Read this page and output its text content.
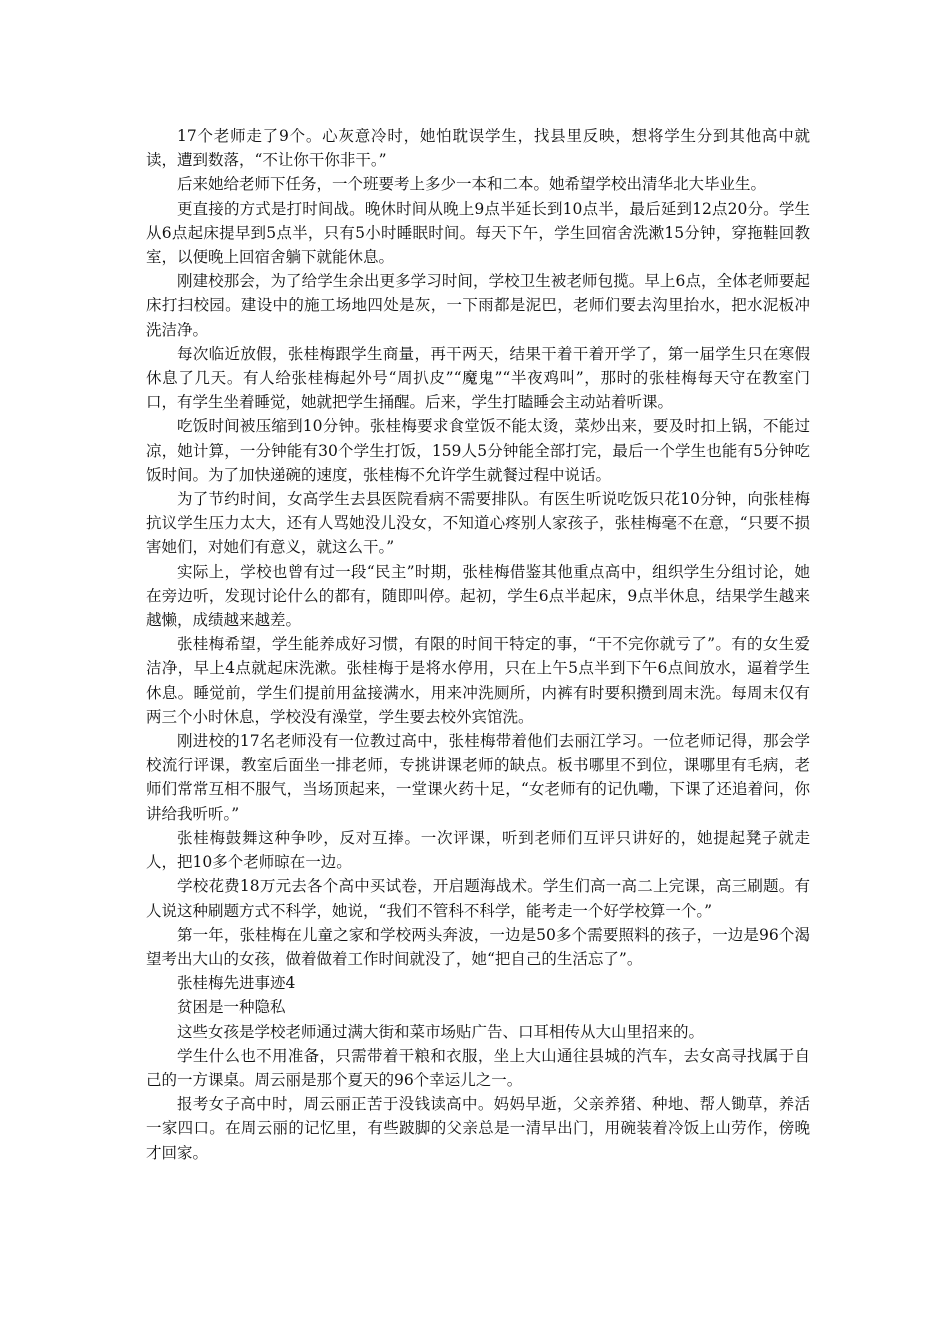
17个老师走了9个。心灰意冷时，她怕耽误学生，找县里反映，想将学生分到其他高中就读，遭到数落，“不让你干你非干。”

后来她给老师下任务，一个班要考上多少一本和二本。她希望学校出清华北大毕业生。

更直接的方式是打时间战。晚休时间从晚上9点半延长到10点半，最后延到12点20分。学生从6点起床提早到5点半，只有5小时睡眠时间。每天下午，学生回宿舍洗漱15分钟，穿拖鞋回教室，以便晚上回宿舍躺下就能休息。

刚建校那会，为了给学生余出更多学习时间，学校卫生被老师包揽。早上6点，全体老师要起床打扫校园。建设中的施工场地四处是灰，一下雨都是泥巴，老师们要去沟里抬水，把水泥板冲洗洁净。

每次临近放假，张桂梅跟学生商量，再干两天，结果干着干着开学了，第一届学生只在寒假休息了几天。有人给张桂梅起外号“周扒皮”“魔鬼”“半夜鸡叫”，那时的张桂梅每天守在教室门口，有学生坐着睡觉，她就把学生捅醒。后来，学生打瞌睡会主动站着听课。

吃饭时间被压缩到10分钟。张桂梅要求食堂饭不能太烫，菜炒出来，要及时扣上锅，不能过凉，她计算，一分钟能有30个学生打饭，159人5分钟能全部打完，最后一个学生也能有5分钟吃饭时间。为了加快递碗的速度，张桂梅不允许学生就餐过程中说话。

为了节约时间，女高学生去县医院看病不需要排队。有医生听说吃饭只花10分钟，向张桂梅抗议学生压力太大，还有人骂她没儿没女，不知道心疼别人家孩子，张桂梅毫不在意，“只要不损害她们，对她们有意义，就这么干。”

实际上，学校也曾有过一段“民主”时期，张桂梅借鉴其他重点高中，组织学生分组讨论，她在旁边听，发现讨论什么的都有，随即叫停。起初，学生6点半起床，9点半休息，结果学生越来越懒，成绩越来越差。

张桂梅希望，学生能养成好习惯，有限的时间干特定的事，“干不完你就亏了”。有的女生爱洁净，早上4点就起床洗漱。张桂梅于是将水停用，只在上午5点半到下午6点间放水，逼着学生休息。睡觉前，学生们提前用盆接满水，用来冲洗厕所，内裤有时要积攒到周末洗。每周末仅有两三个小时休息，学校没有澡堂，学生要去校外宾馆洗。

刚进校的17名老师没有一位教过高中，张桂梅带着他们去丽江学习。一位老师记得，那会学校流行评课，教室后面坐一排老师，专挑讲课老师的缺点。板书哪里不到位，课哪里有毛病，老师们常常互相不服气，当场顶起来，一堂课火药十足，“女老师有的记仇嘞，下课了还追着问，你讲给我听听。”

张桂梅鼓舞这种争吵，反对互捧。一次评课，听到老师们互评只讲好的，她提起凳子就走人，把10多个老师晾在一边。

学校花费18万元去各个高中买试卷，开启题海战术。学生们高一高二上完课，高三刷题。有人说这种刷题方式不科学，她说，“我们不管科不科学，能考走一个好学校算一个。”

第一年，张桂梅在儿童之家和学校两头奔波，一边是50多个需要照料的孩子，一边是96个渴望考出大山的女孩，做着做着工作时间就没了，她“把自己的生活忘了”。

张桂梅先进事迹4

贫困是一种隐私

这些女孩是学校老师通过满大街和菜市场贴广告、口耳相传从大山里招来的。

学生什么也不用准备，只需带着干粮和衣服，坐上大山通往县城的汽车，去女高寻找属于自己的一方课桌。周云丽是那个夏天的96个幸运儿之一。

报考女子高中时，周云丽正苦于没钱读高中。妈妈早逝，父亲养猪、种地、帮人锄草，养活一家四口。在周云丽的记忆里，有些跛脚的父亲总是一清早出门，用碗装着冷饭上山劳作，傍晚才回家。
